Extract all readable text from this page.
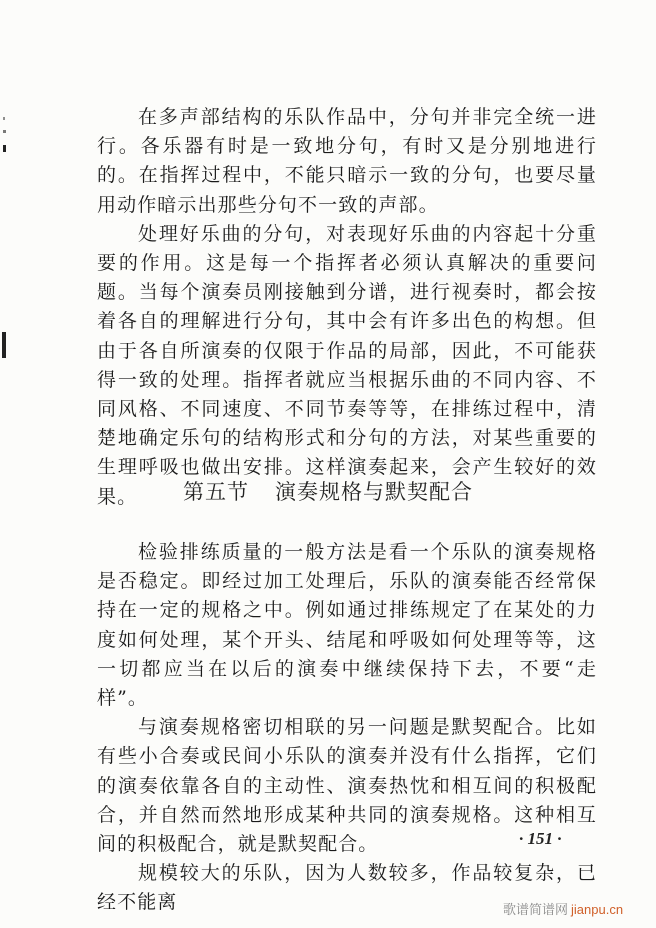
在多声部结构的乐队作品中，分句并非完全统一进行。各乐器有时是一致地分句，有时又是分别地进行的。在指挥过程中，不能只暗示一致的分句，也要尽量用动作暗示出那些分句不一致的声部。

处理好乐曲的分句，对表现好乐曲的内容起十分重要的作用。这是每一个指挥者必须认真解决的重要问题。当每个演奏员刚接触到分谱，进行视奏时，都会按着各自的理解进行分句，其中会有许多出色的构想。但由于各自所演奏的仅限于作品的局部，因此，不可能获得一致的处理。指挥者就应当根据乐曲的不同内容、不同风格、不同速度、不同节奏等等，在排练过程中，清楚地确定乐句的结构形式和分句的方法，对某些重要的生理呼吸也做出安排。这样演奏起来，会产生较好的效果。	第五节 演奏规格与默契配合

检验排练质量的一般方法是看一个乐队的演奏规格是否稳定。即经过加工处理后，乐队的演奏能否经常保持在一定的规格之中。例如通过排练规定了在某处的力度如何处理，某个开头、结尾和呼吸如何处理等等，这一切都应当在以后的演奏中继续保持下去，不要“走样”。

与演奏规格密切相联的另一问题是默契配合。比如有些小合奏或民间小乐队的演奏并没有什么指挥，它们的演奏依靠各自的主动性、演奏热忱和相互间的积极配合，并自然而然地形成某种共同的演奏规格。这种相互间的积极配合，就是默契配合。

规模较大的乐队，因为人数较多，作品较复杂，已经不能离

· 151 ·
歌谱简谱网 jianpu.cn
